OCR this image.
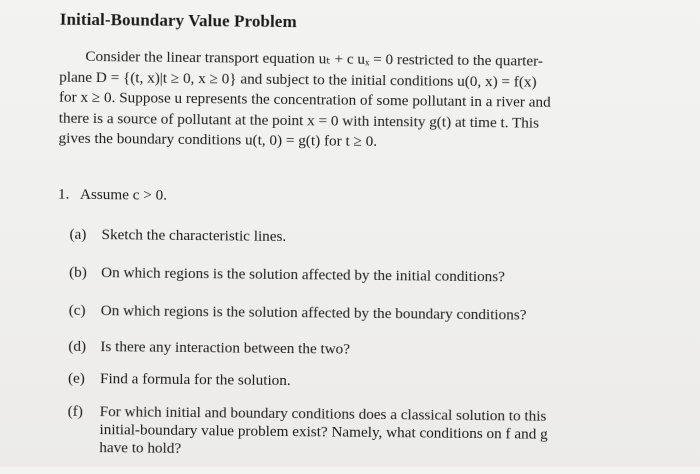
Initial-Boundary Value Problem
Consider the linear transport equation uₜ + c uₓ = 0 restricted to the quarter-
plane D = {(t, x)|t ≥ 0, x ≥ 0} and subject to the initial conditions u(0, x) = f(x)
for x ≥ 0. Suppose u represents the concentration of some pollutant in a river and
there is a source of pollutant at the point x = 0 with intensity g(t) at time t. This
gives the boundary conditions u(t, 0) = g(t) for t ≥ 0.
1. Assume c > 0.
(a) Sketch the characteristic lines.
(b) On which regions is the solution affected by the initial conditions?
(c) On which regions is the solution affected by the boundary conditions?
(d) Is there any interaction between the two?
(e) Find a formula for the solution.
(f) For which initial and boundary conditions does a classical solution to this
initial-boundary value problem exist? Namely, what conditions on f and g
have to hold?
